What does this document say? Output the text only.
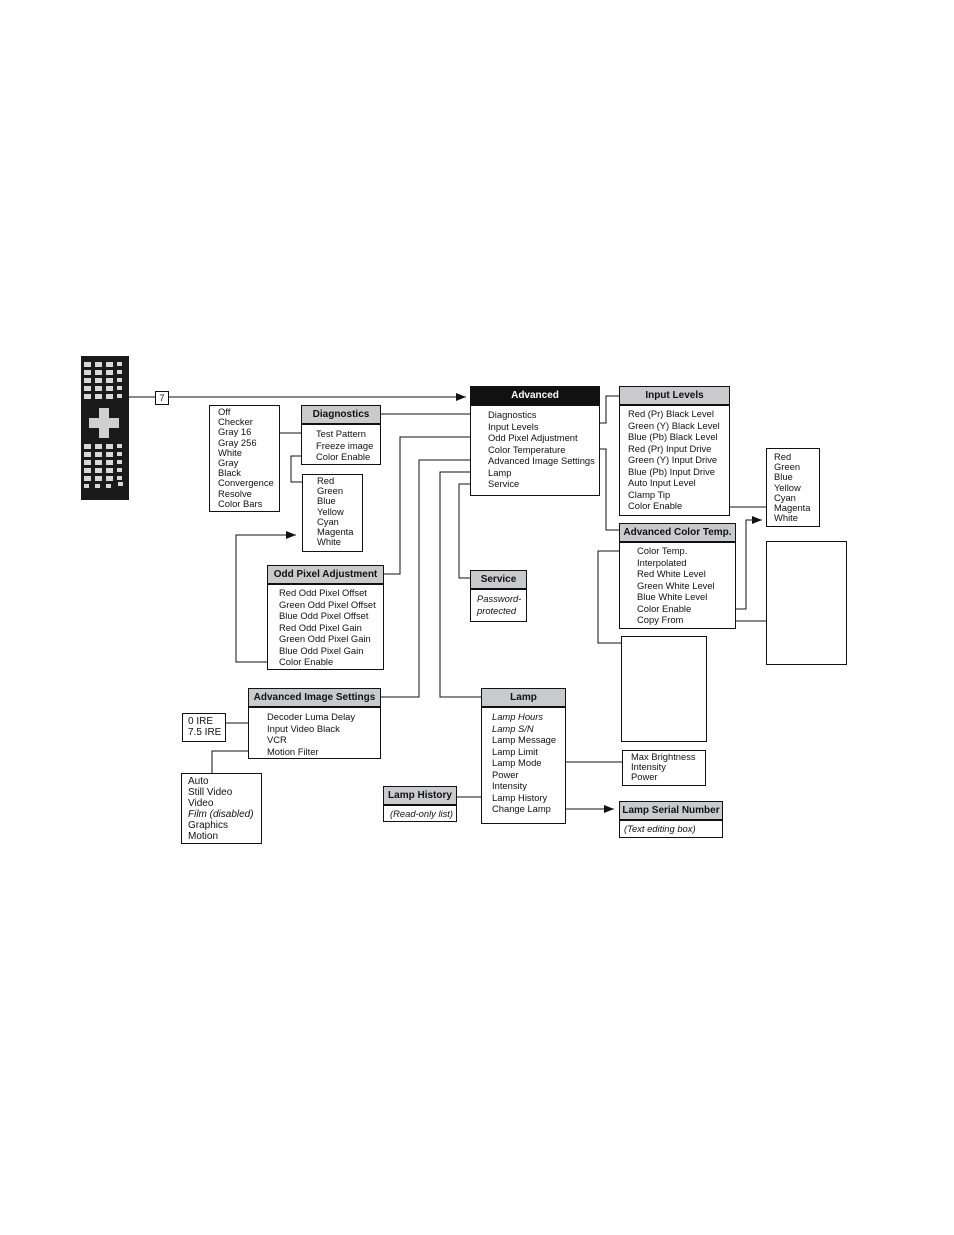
7	Advanced
Diagnostics
Input Levels
Odd Pixel Adjustment
Color Temperature
Advanced Image Settings
Lamp
Service
Off
Checker
Gray 16
Gray 256
White
Gray
Black
Convergence
Resolve
Color Bars
Diagnostics
Test Pattern
Freeze image
Color Enable
Red
Green
Blue
Yellow
Cyan
Magenta
White
Odd Pixel Adjustment
Red Odd Pixel Offset
Green Odd Pixel Offset
Blue Odd Pixel Offset
Red Odd Pixel Gain
Green Odd Pixel Gain
Blue Odd Pixel Gain
Color Enable
Service
Password-
protected
Input Levels
Red (Pr) Black Level
Green (Y) Black Level
Blue (Pb) Black Level
Red (Pr) Input Drive
Green (Y) Input Drive
Blue (Pb) Input Drive
Auto Input Level
Clamp Tip
Color Enable
Red
Green
Blue
Yellow
Cyan
Magenta
White
Advanced Color Temp.
Color Temp.
Interpolated
Red White Level
Green White Level
Blue White Level
Color Enable
Copy From
Advanced Image Settings
Decoder Luma Delay
Input Video Black
VCR
Motion Filter
0 IRE
7.5 IRE
Auto
Still Video
Video
Film (disabled)
Graphics
Motion
Lamp
Lamp Hours
Lamp S/N
Lamp Message
Lamp Limit
Lamp Mode
Power
Intensity
Lamp History
Change Lamp
Max Brightness
Intensity
Power
Lamp History
(Read-only list)	Lamp Serial Number
(Text editing box)
